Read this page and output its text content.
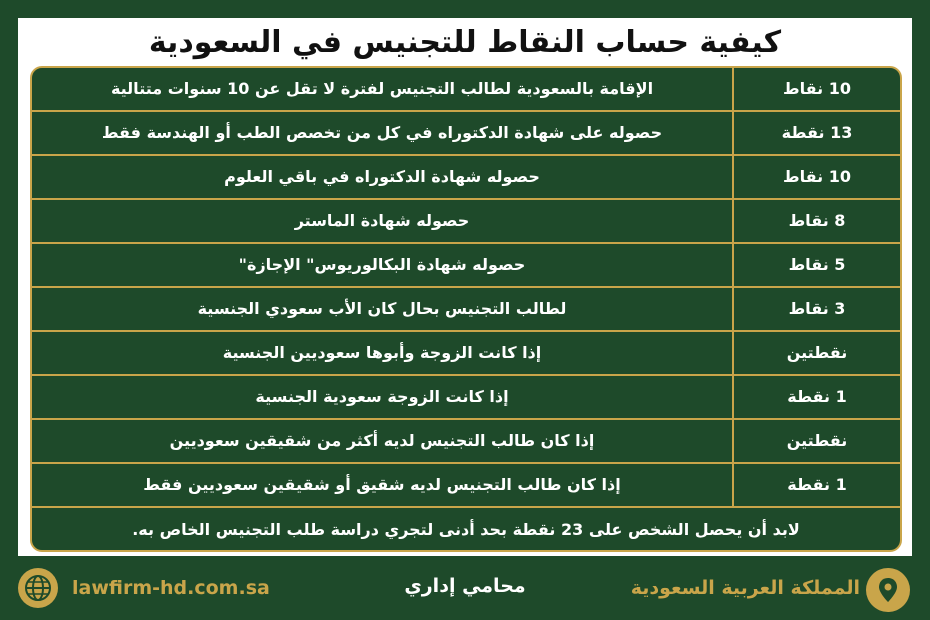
كيفية حساب النقاط للتجنيس في السعودية
الإقامة بالسعودية لطالب التجنيس لفترة لا تقل عن 10 سنوات متتالية	10 نقاط
حصوله على شهادة الدكتوراه في كل من تخصص الطب أو الهندسة فقط	13 نقطة
حصوله شهادة الدكتوراه في باقي العلوم	10 نقاط
حصوله شهادة الماستر	8 نقاط
حصوله شهادة البكالوريوس" الإجازة"	5 نقاط
لطالب التجنيس بحال كان الأب سعودي الجنسية	3 نقاط
إذا كانت الزوجة وأبوها سعوديين الجنسية	نقطتين
إذا كانت الزوجة سعودية الجنسية	1 نقطة
إذا كان طالب التجنيس لديه أكثر من شقيقين سعوديين	نقطتين
إذا كان طالب التجنيس لديه شقيق أو شقيقين سعوديين فقط	1 نقطة
لابد أن يحصل الشخص على 23 نقطة بحد أدنى لتجري دراسة طلب التجنيس الخاص به.
lawfirm-hd.com.sa	محامي إداري	المملكة العربية السعودية
